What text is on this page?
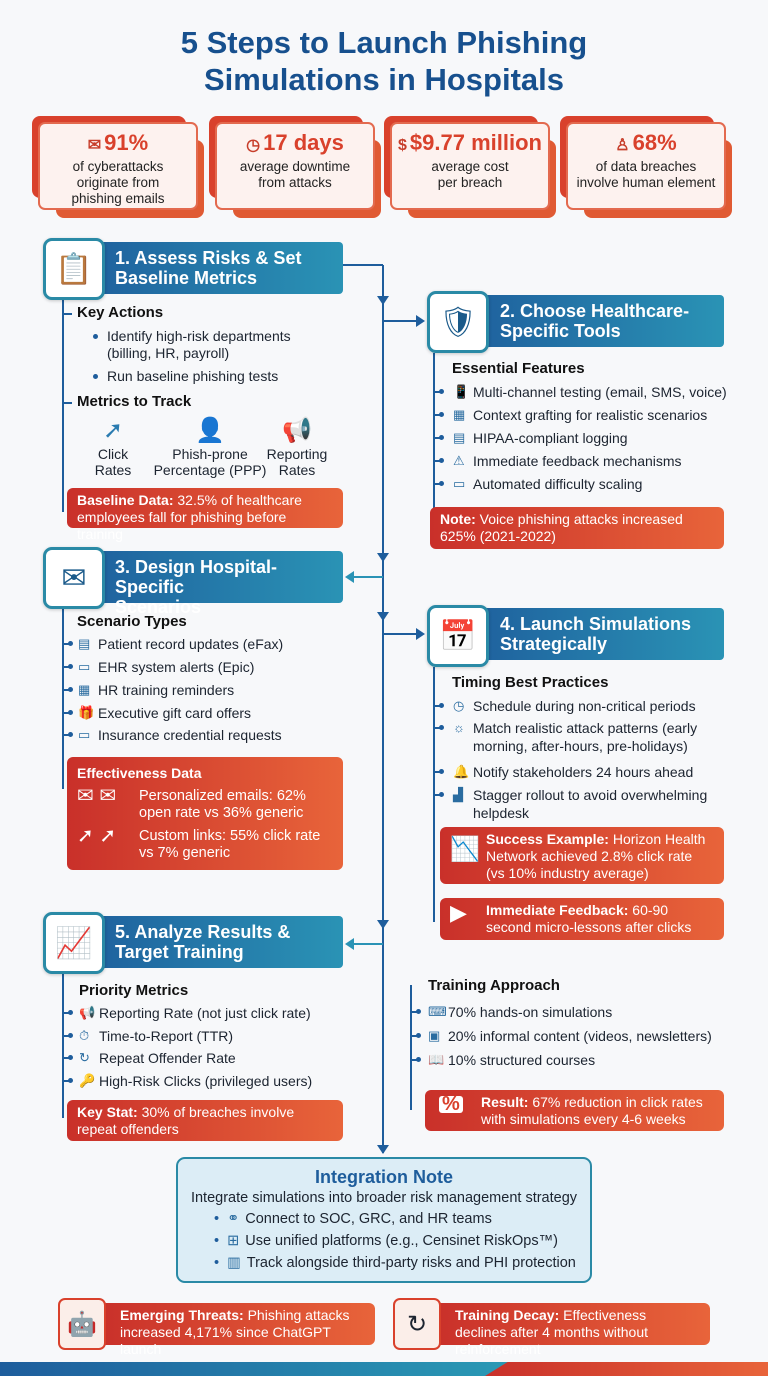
5 Steps to Launch Phishing
Simulations in Hospitals
✉ 91%
of cyberattacks
originate from
phishing emails
◷ 17 days
average downtime
from attacks
$ $9.77 million
average cost
per breach
♙ 68%
of data breaches
involve human element
📋	1. Assess Risks & Set
Baseline Metrics
Key Actions
Identify high-risk departments
(billing, HR, payroll)
Run baseline phishing tests
Metrics to Track
➚
Click
Rates
👤
Phish-prone
Percentage (PPP)
📢
Reporting
Rates
Baseline Data: 32.5% of healthcare employees fall for phishing before training
🛡	2. Choose Healthcare-
Specific Tools
Essential Features
📱 Multi-channel testing (email, SMS, voice)
▦ Context grafting for realistic scenarios
▤ HIPAA-compliant logging
⚠ Immediate feedback mechanisms
▭ Automated difficulty scaling
Note: Voice phishing attacks increased 625% (2021-2022)
✉	3. Design Hospital-Specific
Scenarios
Scenario Types
▤ Patient record updates (eFax)
▭ EHR system alerts (Epic)
▦ HR training reminders
🎁 Executive gift card offers
▭ Insurance credential requests
Effectiveness Data
✉ ✉	Personalized emails: 62% open rate vs 36% generic
➚ ➚	Custom links: 55% click rate vs 7% generic
📅	4. Launch Simulations
Strategically
Timing Best Practices
◷ Schedule during non-critical periods
☼ Match realistic attack patterns (early morning, after-hours, pre-holidays)
🔔 Notify stakeholders 24 hours ahead
▟ Stagger rollout to avoid overwhelming helpdesk
📉 Success Example: Horizon Health Network achieved 2.8% click rate (vs 10% industry average)
▶ Immediate Feedback: 60-90 second micro-lessons after clicks
📈	5. Analyze Results &
Target Training
Priority Metrics
📢 Reporting Rate (not just click rate)
⏱ Time-to-Report (TTR)
↻ Repeat Offender Rate
🔑 High-Risk Clicks (privileged users)
Key Stat: 30% of breaches involve repeat offenders
Training Approach
⌨ 70% hands-on simulations
▣ 20% informal content (videos, newsletters)
📖 10% structured courses
% Result: 67% reduction in click rates with simulations every 4-6 weeks
Integration Note
Integrate simulations into broader risk management strategy
• ⚭ Connect to SOC, GRC, and HR teams
• ⊞ Use unified platforms (e.g., Censinet RiskOps™)
• ▥ Track alongside third-party risks and PHI protection
🤖	Emerging Threats: Phishing attacks increased 4,171% since ChatGPT launch
↻	Training Decay: Effectiveness declines after 4 months without reinforcement
